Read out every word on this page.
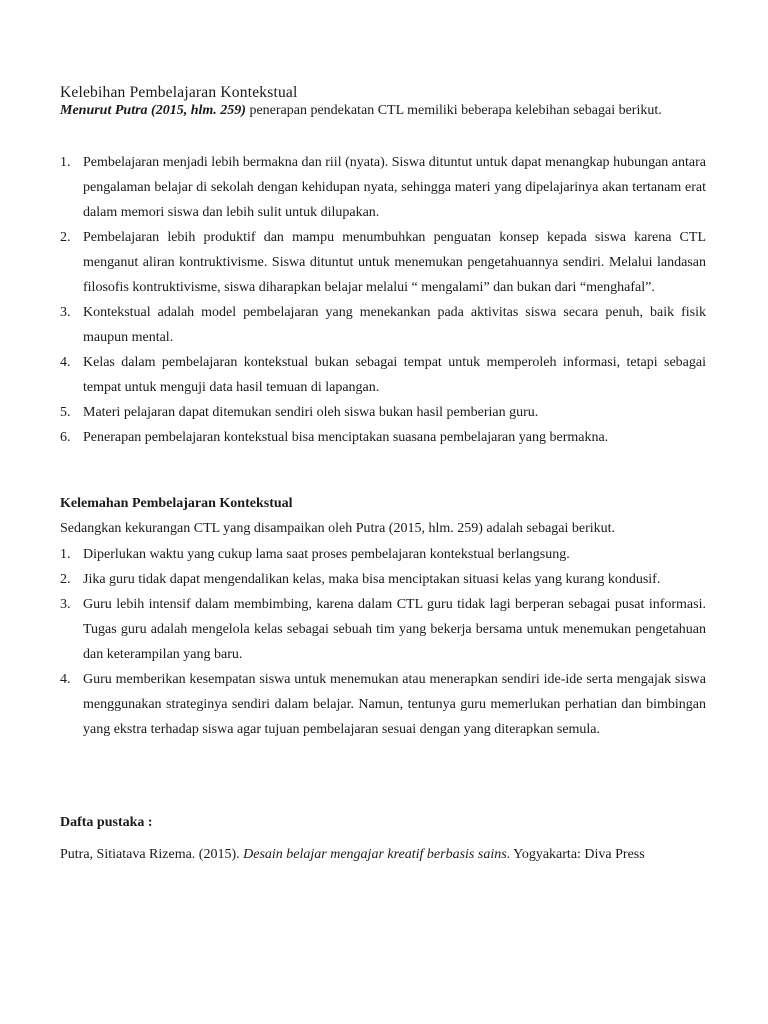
Kelebihan Pembelajaran Kontekstual

Menurut Putra (2015, hlm. 259) penerapan pendekatan CTL memiliki beberapa kelebihan sebagai berikut.

1. Pembelajaran menjadi lebih bermakna dan riil (nyata). Siswa dituntut untuk dapat menangkap hubungan antara pengalaman belajar di sekolah dengan kehidupan nyata, sehingga materi yang dipelajarinya akan tertanam erat dalam memori siswa dan lebih sulit untuk dilupakan.
2. Pembelajaran lebih produktif dan mampu menumbuhkan penguatan konsep kepada siswa karena CTL menganut aliran kontruktivisme. Siswa dituntut untuk menemukan pengetahuannya sendiri. Melalui landasan filosofis kontruktivisme, siswa diharapkan belajar melalui “ mengalami” dan bukan dari “menghafal”.
3. Kontekstual adalah model pembelajaran yang menekankan pada aktivitas siswa secara penuh, baik fisik maupun mental.
4. Kelas dalam pembelajaran kontekstual bukan sebagai tempat untuk memperoleh informasi, tetapi sebagai tempat untuk menguji data hasil temuan di lapangan.
5. Materi pelajaran dapat ditemukan sendiri oleh siswa bukan hasil pemberian guru.
6. Penerapan pembelajaran kontekstual bisa menciptakan suasana pembelajaran yang bermakna.
Kelemahan Pembelajaran Kontekstual

Sedangkan kekurangan CTL yang disampaikan oleh Putra (2015, hlm. 259) adalah sebagai berikut.

1. Diperlukan waktu yang cukup lama saat proses pembelajaran kontekstual berlangsung.
2. Jika guru tidak dapat mengendalikan kelas, maka bisa menciptakan situasi kelas yang kurang kondusif.
3. Guru lebih intensif dalam membimbing, karena dalam CTL guru tidak lagi berperan sebagai pusat informasi. Tugas guru adalah mengelola kelas sebagai sebuah tim yang bekerja bersama untuk menemukan pengetahuan dan keterampilan yang baru.
4. Guru memberikan kesempatan siswa untuk menemukan atau menerapkan sendiri ide-ide serta mengajak siswa menggunakan strateginya sendiri dalam belajar. Namun, tentunya guru memerlukan perhatian dan bimbingan yang ekstra terhadap siswa agar tujuan pembelajaran sesuai dengan yang diterapkan semula.
Dafta pustaka :

Putra, Sitiatava Rizema. (2015). Desain belajar mengajar kreatif berbasis sains. Yogyakarta: Diva Press
